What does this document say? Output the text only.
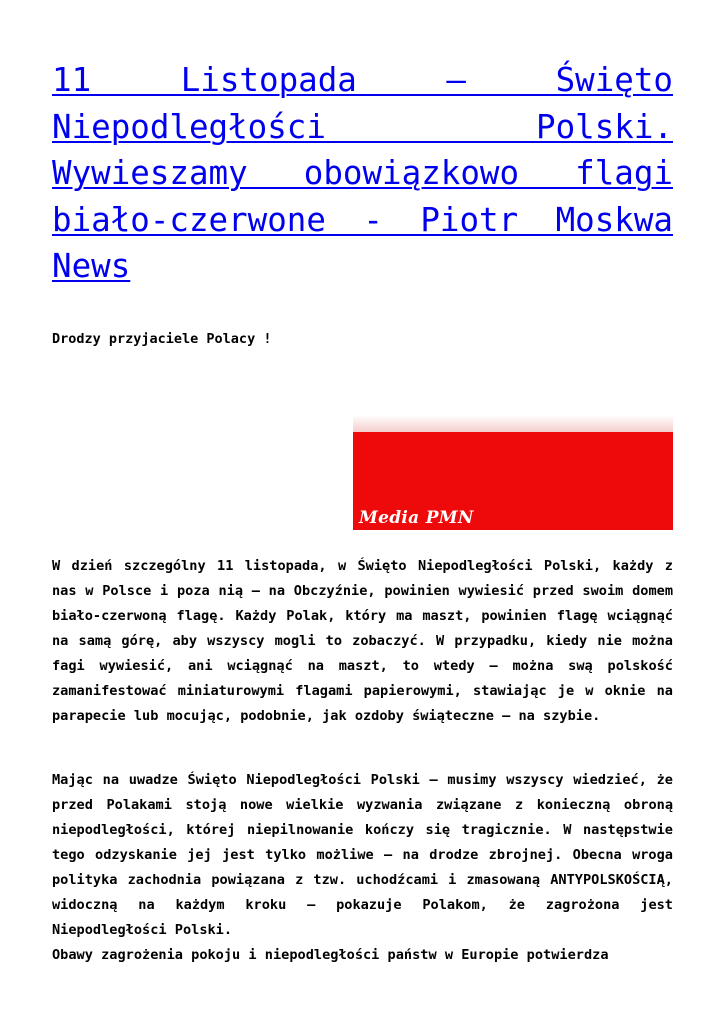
11 Listopada – Święto Niepodległości Polski. Wywieszamy obowiązkowo flagi biało-czerwone - Piotr Moskwa News

Drodzy przyjaciele Polacy !

Media PMN

W dzień szczególny 11 listopada, w Święto Niepodległości Polski, każdy z nas w Polsce i poza nią – na Obczyźnie, powinien wywiesić przed swoim domem biało-czerwoną flagę. Każdy Polak, który ma maszt, powinien flagę wciągnąć na samą górę, aby wszyscy mogli to zobaczyć. W przypadku, kiedy nie można fagi wywiesić, ani wciągnąć na maszt, to wtedy – można swą polskość zamanifestować miniaturowymi flagami papierowymi, stawiając je w oknie na parapecie lub mocując, podobnie, jak ozdoby świąteczne – na szybie.

Mając na uwadze Święto Niepodległości Polski – musimy wszyscy wiedzieć, że przed Polakami stoją nowe wielkie wyzwania związane z konieczną obroną niepodległości, której niepilnowanie kończy się tragicznie. W następstwie tego odzyskanie jej jest tylko możliwe – na drodze zbrojnej. Obecna wroga polityka zachodnia powiązana z tzw. uchodźcami i zmasowaną ANTYPOLSKOŚCIĄ, widoczną na każdym kroku – pokazuje Polakom, że zagrożona jest Niepodległości Polski.
Obawy zagrożenia pokoju i niepodległości państw w Europie potwierdza
